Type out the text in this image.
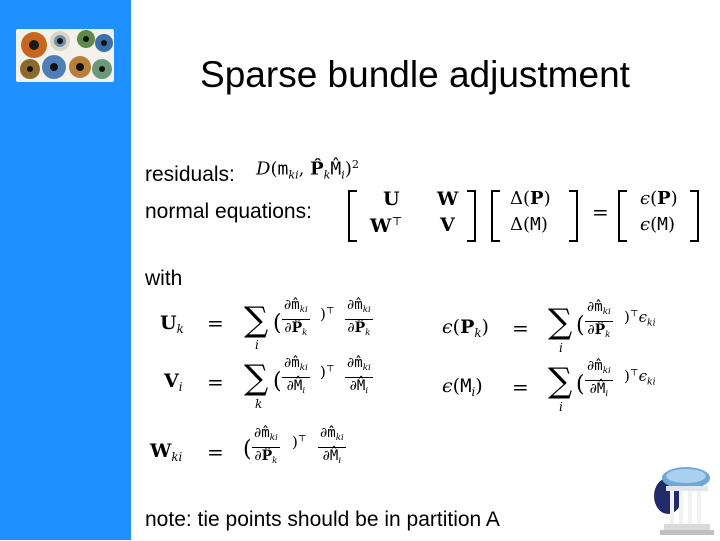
Sparse bundle adjustment
residuals:
normal equations:
with
$D(m_{ki}$, $P̂_kM̂_i)^2$
U
W⊤
W
V
Δ(P)
Δ(M)
=
ϵ(P)
ϵ(M)
$U_k$ = ∑
i
( $\frac{\partial m̂_{ki}}{\partial P̂_k} )^⊤ \frac{\partial m̂_{ki}}{\partial P̂_k}$
$V_i$ = ∑
k
( $\frac{\partial m̂_{ki}}{\partial M̂_i} )^⊤ \frac{\partial m̂_{ki}}{\partial M̂_i}$
$W_{ki}$ = ( $\frac{\partial m̂_{ki}}{\partial P̂_k} )^⊤ \frac{\partial m̂_{ki}}{\partial M̂_i}$
$\epsilon(P_k)$ = ∑
i
( $\frac{\partial m̂_{ki}}{\partial P̂_k} )^⊤\epsilon_{ki}$
$\epsilon(M_i)$ = ∑
i
( $\frac{\partial m̂_{ki}}{\partial M̂_i} )^⊤\epsilon_{ki}$
note: tie points should be in partition A
